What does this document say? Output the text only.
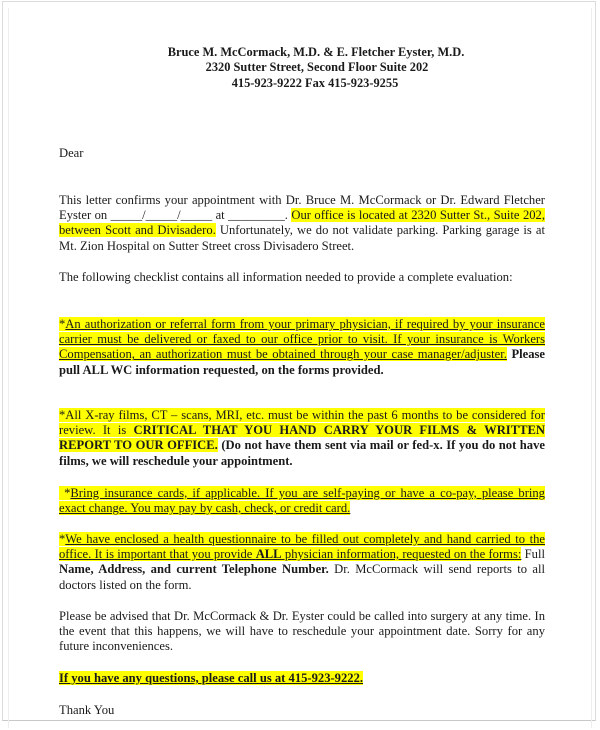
Bruce M. McCormack, M.D. & E. Fletcher Eyster, M.D.
2320 Sutter Street, Second Floor Suite 202
415-923-9222 Fax 415-923-9255

Dear

This letter confirms your appointment with Dr. Bruce M. McCormack or Dr. Edward Fletcher Eyster on _____/_____/_____ at _________. Our office is located at 2320 Sutter St., Suite 202, between Scott and Divisadero. Unfortunately, we do not validate parking. Parking garage is at Mt. Zion Hospital on Sutter Street cross Divisadero Street.

The following checklist contains all information needed to provide a complete evaluation:

*An authorization or referral form from your primary physician, if required by your insurance carrier must be delivered or faxed to our office prior to visit. If your insurance is Workers Compensation, an authorization must be obtained through your case manager/adjuster. Please pull ALL WC information requested, on the forms provided.

*All X-ray films, CT – scans, MRI, etc. must be within the past 6 months to be considered for review. It is CRITICAL THAT YOU HAND CARRY YOUR FILMS & WRITTEN REPORT TO OUR OFFICE. (Do not have them sent via mail or fed-x. If you do not have films, we will reschedule your appointment.

*Bring insurance cards, if applicable. If you are self-paying or have a co-pay, please bring exact change. You may pay by cash, check, or credit card.

*We have enclosed a health questionnaire to be filled out completely and hand carried to the office. It is important that you provide ALL physician information, requested on the forms: Full Name, Address, and current Telephone Number. Dr. McCormack will send reports to all doctors listed on the form.

Please be advised that Dr. McCormack & Dr. Eyster could be called into surgery at any time. In the event that this happens, we will have to reschedule your appointment date. Sorry for any future inconveniences.

If you have any questions, please call us at 415-923-9222.

Thank You
